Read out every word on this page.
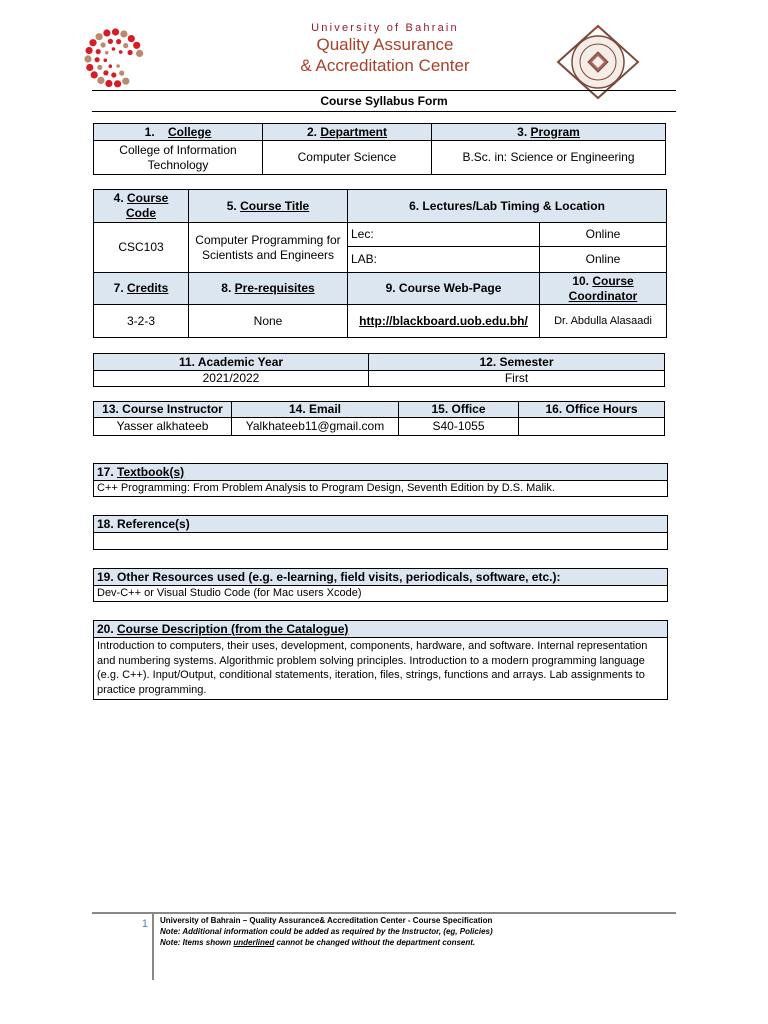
University of Bahrain
Quality Assurance
& Accreditation Center
Course Syllabus Form
1. College	2. Department	3. Program
College of Information Technology	Computer Science	B.Sc. in: Science or Engineering
4. Course Code	5. Course Title	6. Lectures/Lab Timing & Location	
CSC103	Computer Programming for Scientists and Engineers	Lec:	Online
		LAB:	Online
7. Credits	8. Pre-requisites	9. Course Web-Page	10. Course Coordinator
3-2-3	None	http://blackboard.uob.edu.bh/	Dr. Abdulla Alasaadi
11. Academic Year	12. Semester
2021/2022	First
13. Course Instructor	14. Email	15. Office	16. Office Hours
Yasser alkhateeb	Yalkhateeb11@gmail.com	S40-1055	
17. Textbook(s)
C++ Programming: From Problem Analysis to Program Design, Seventh Edition by D.S. Malik.
18. Reference(s)

19. Other Resources used (e.g. e-learning, field visits, periodicals, software, etc.):
Dev-C++ or Visual Studio Code (for Mac users Xcode)
20. Course Description (from the Catalogue)
Introduction to computers, their uses, development, components, hardware, and software. Internal representation and numbering systems. Algorithmic problem solving principles. Introduction to a modern programming language (e.g. C++). Input/Output, conditional statements, iteration, files, strings, functions and arrays. Lab assignments to practice programming.
1 University of Bahrain – Quality Assurance& Accreditation Center - Course Specification
Note: Additional information could be added as required by the Instructor, (eg, Policies)
Note: Items shown underlined cannot be changed without the department consent.
